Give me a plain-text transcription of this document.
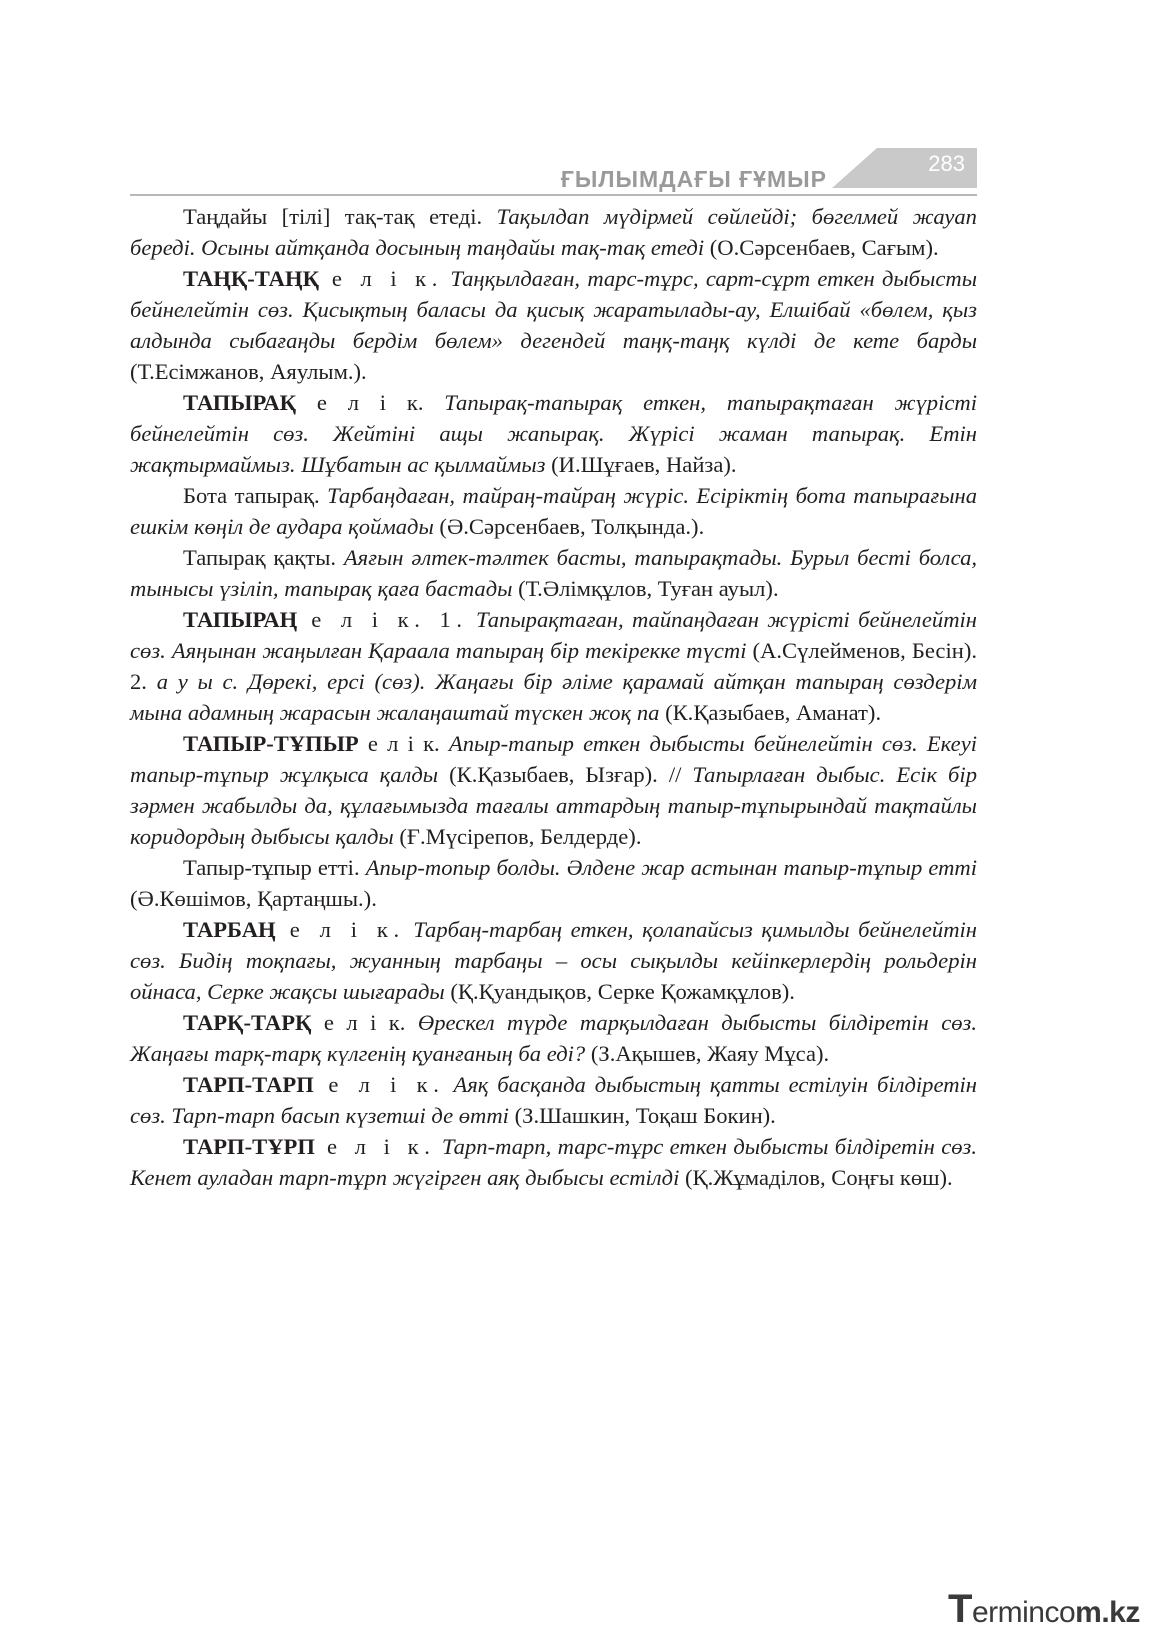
ҒЫЛЫМДАҒЫ ҒҰМЫР
283

Таңдайы [тілі] тақ-тақ етеді. Тақылдап мүдірмей сөйлейді; бөгелмей жауап береді. Осыны айтқанда досының таңдайы тақ-тақ етеді (О.Сәрсенбаев, Сағым).

ТАҢҚ-ТАҢҚ е л і к. Таңқылдаған, тарс-тұрс, сарт-сұрт еткен дыбысты бейнелейтін сөз. Қисықтың баласы да қисық жаратылады-ау, Елшібай «бөлем, қыз алдында сыбағаңды бердім бөлем» дегендей таңқ-таңқ күлді де кете барды (Т.Есімжанов, Аяулым.).

ТАПЫРАҚ е л і к. Тапырақ-тапырақ еткен, тапырақтаған жүрісті бейнелейтін сөз. Жейтіні ащы жапырақ. Жүрісі жаман тапырақ. Етін жақтырмаймыз. Шұбатын ас қылмаймыз (И.Шұғаев, Найза).

Бота тапырақ. Тарбаңдаған, тайраң-тайраң жүріс. Есіріктің бота тапырағына ешкім көңіл де аудара қоймады (Ә.Сәрсенбаев, Толқында.).

Тапырақ қақты. Аяғын әлтек-тәлтек басты, тапырақтады. Бурыл бесті болса, тынысы үзіліп, тапырақ қаға бастады (Т.Әлімқұлов, Туған ауыл).

ТАПЫРАҢ е л і к. 1. Тапырақтаған, тайпаңдаған жүрісті бейнелейтін сөз. Аяңынан жаңылған Қараала тапыраң бір текірекке түсті (А.Сүлейменов, Бесін). 2. а у ы с. Дөрекі, ерсі (сөз). Жаңағы бір әліме қарамай айтқан тапыраң сөздерім мына адамның жарасын жалаңаштай түскен жоқ па (К.Қазыбаев, Аманат).

ТАПЫР-ТҰПЫР е л і к. Апыр-тапыр еткен дыбысты бейнелейтін сөз. Екеуі тапыр-тұпыр жұлқыса қалды (К.Қазыбаев, Ызғар). // Тапырлаған дыбыс. Есік бір зәрмен жабылды да, құлағымызда тағалы аттардың тапыр-тұпырындай тақтайлы коридордың дыбысы қалды (Ғ.Мүсірепов, Белдерде).

Тапыр-тұпыр етті. Апыр-топыр болды. Әлдене жар астынан тапыр-тұпыр етті (Ә.Көшімов, Қартаңшы.).

ТАРБАҢ е л і к. Тарбаң-тарбаң еткен, қолапайсыз қимылды бейнелейтін сөз. Бидің тоқпағы, жуанның тарбаңы – осы сықылды кейіпкерлердің рольдерін ойнаса, Серке жақсы шығарады (Қ.Қуандықов, Серке Қожамқұлов).

ТАРҚ-ТАРҚ е л і к. Өрескел түрде тарқылдаған дыбысты білдіретін сөз. Жаңағы тарқ-тарқ күлгенің қуанғаның ба еді? (З.Ақышев, Жаяу Мұса).

ТАРП-ТАРП е л і к. Аяқ басқанда дыбыстың қатты естілуін білдіретін сөз. Тарп-тарп басып күзетші де өтті (З.Шашкин, Тоқаш Бокин).

ТАРП-ТҰРП е л і к. Тарп-тарп, тарс-тұрс еткен дыбысты білдіретін сөз. Кенет ауладан тарп-тұрп жүгірген аяқ дыбысы естілді (Қ.Жұмаділов, Соңғы көш).

Termincom.kz
